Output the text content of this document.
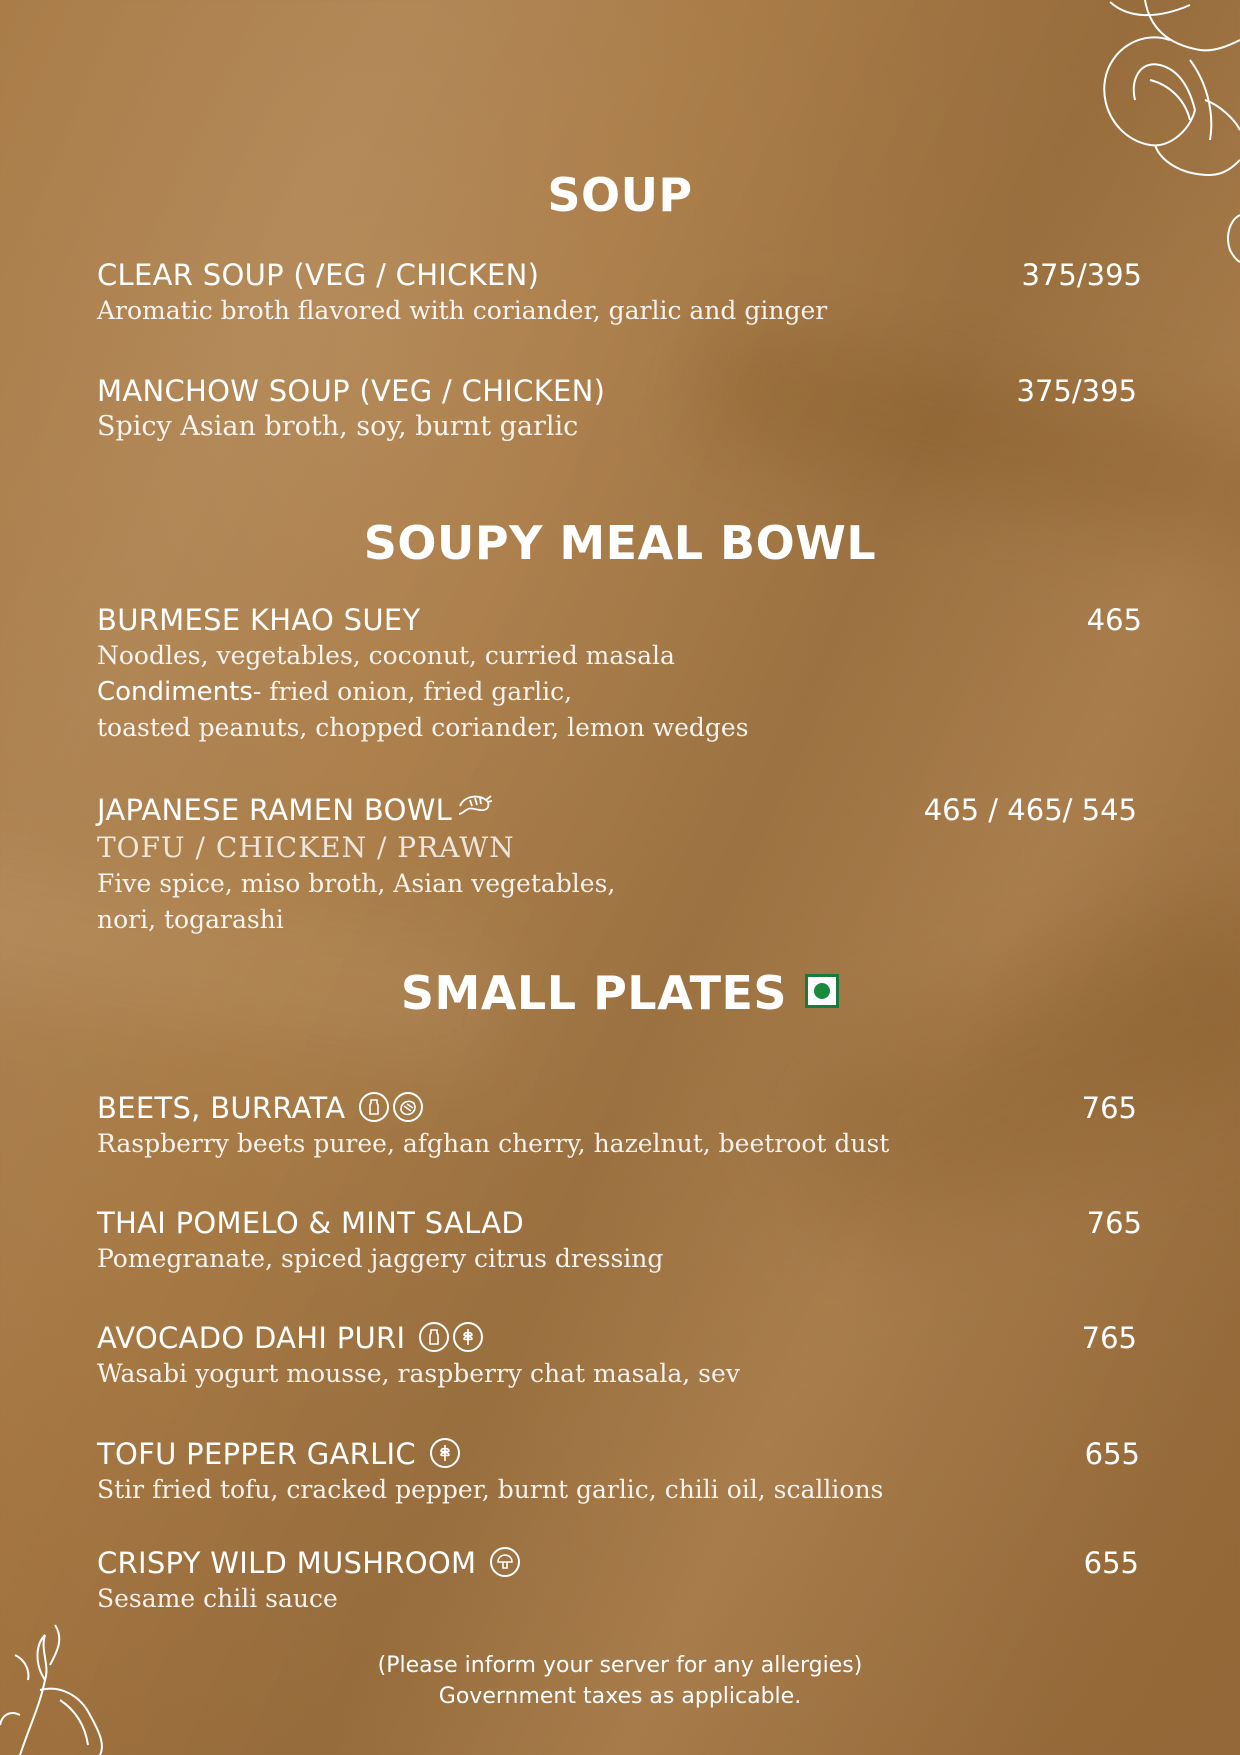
SOUP
CLEAR SOUP (VEG / CHICKEN)	375/395
Aromatic broth flavored with coriander, garlic and ginger
MANCHOW SOUP (VEG / CHICKEN)	375/395
Spicy Asian broth, soy, burnt garlic
SOUPY MEAL BOWL
BURMESE KHAO SUEY	465
Noodles, vegetables, coconut, curried masala
Condiments- fried onion, fried garlic,
toasted peanuts, chopped coriander, lemon wedges
JAPANESE RAMEN BOWL	465 / 465/ 545
TOFU / CHICKEN / PRAWN
Five spice, miso broth, Asian vegetables,
nori, togarashi
SMALL PLATES
BEETS, BURRATA	765
Raspberry beets puree, afghan cherry, hazelnut, beetroot dust
THAI POMELO & MINT SALAD	765
Pomegranate, spiced jaggery citrus dressing
AVOCADO DAHI PURI	765
Wasabi yogurt mousse, raspberry chat masala, sev
TOFU PEPPER GARLIC	655
Stir fried tofu, cracked pepper, burnt garlic, chili oil, scallions
CRISPY WILD MUSHROOM	655
Sesame chili sauce
(Please inform your server for any allergies)
Government taxes as applicable.
